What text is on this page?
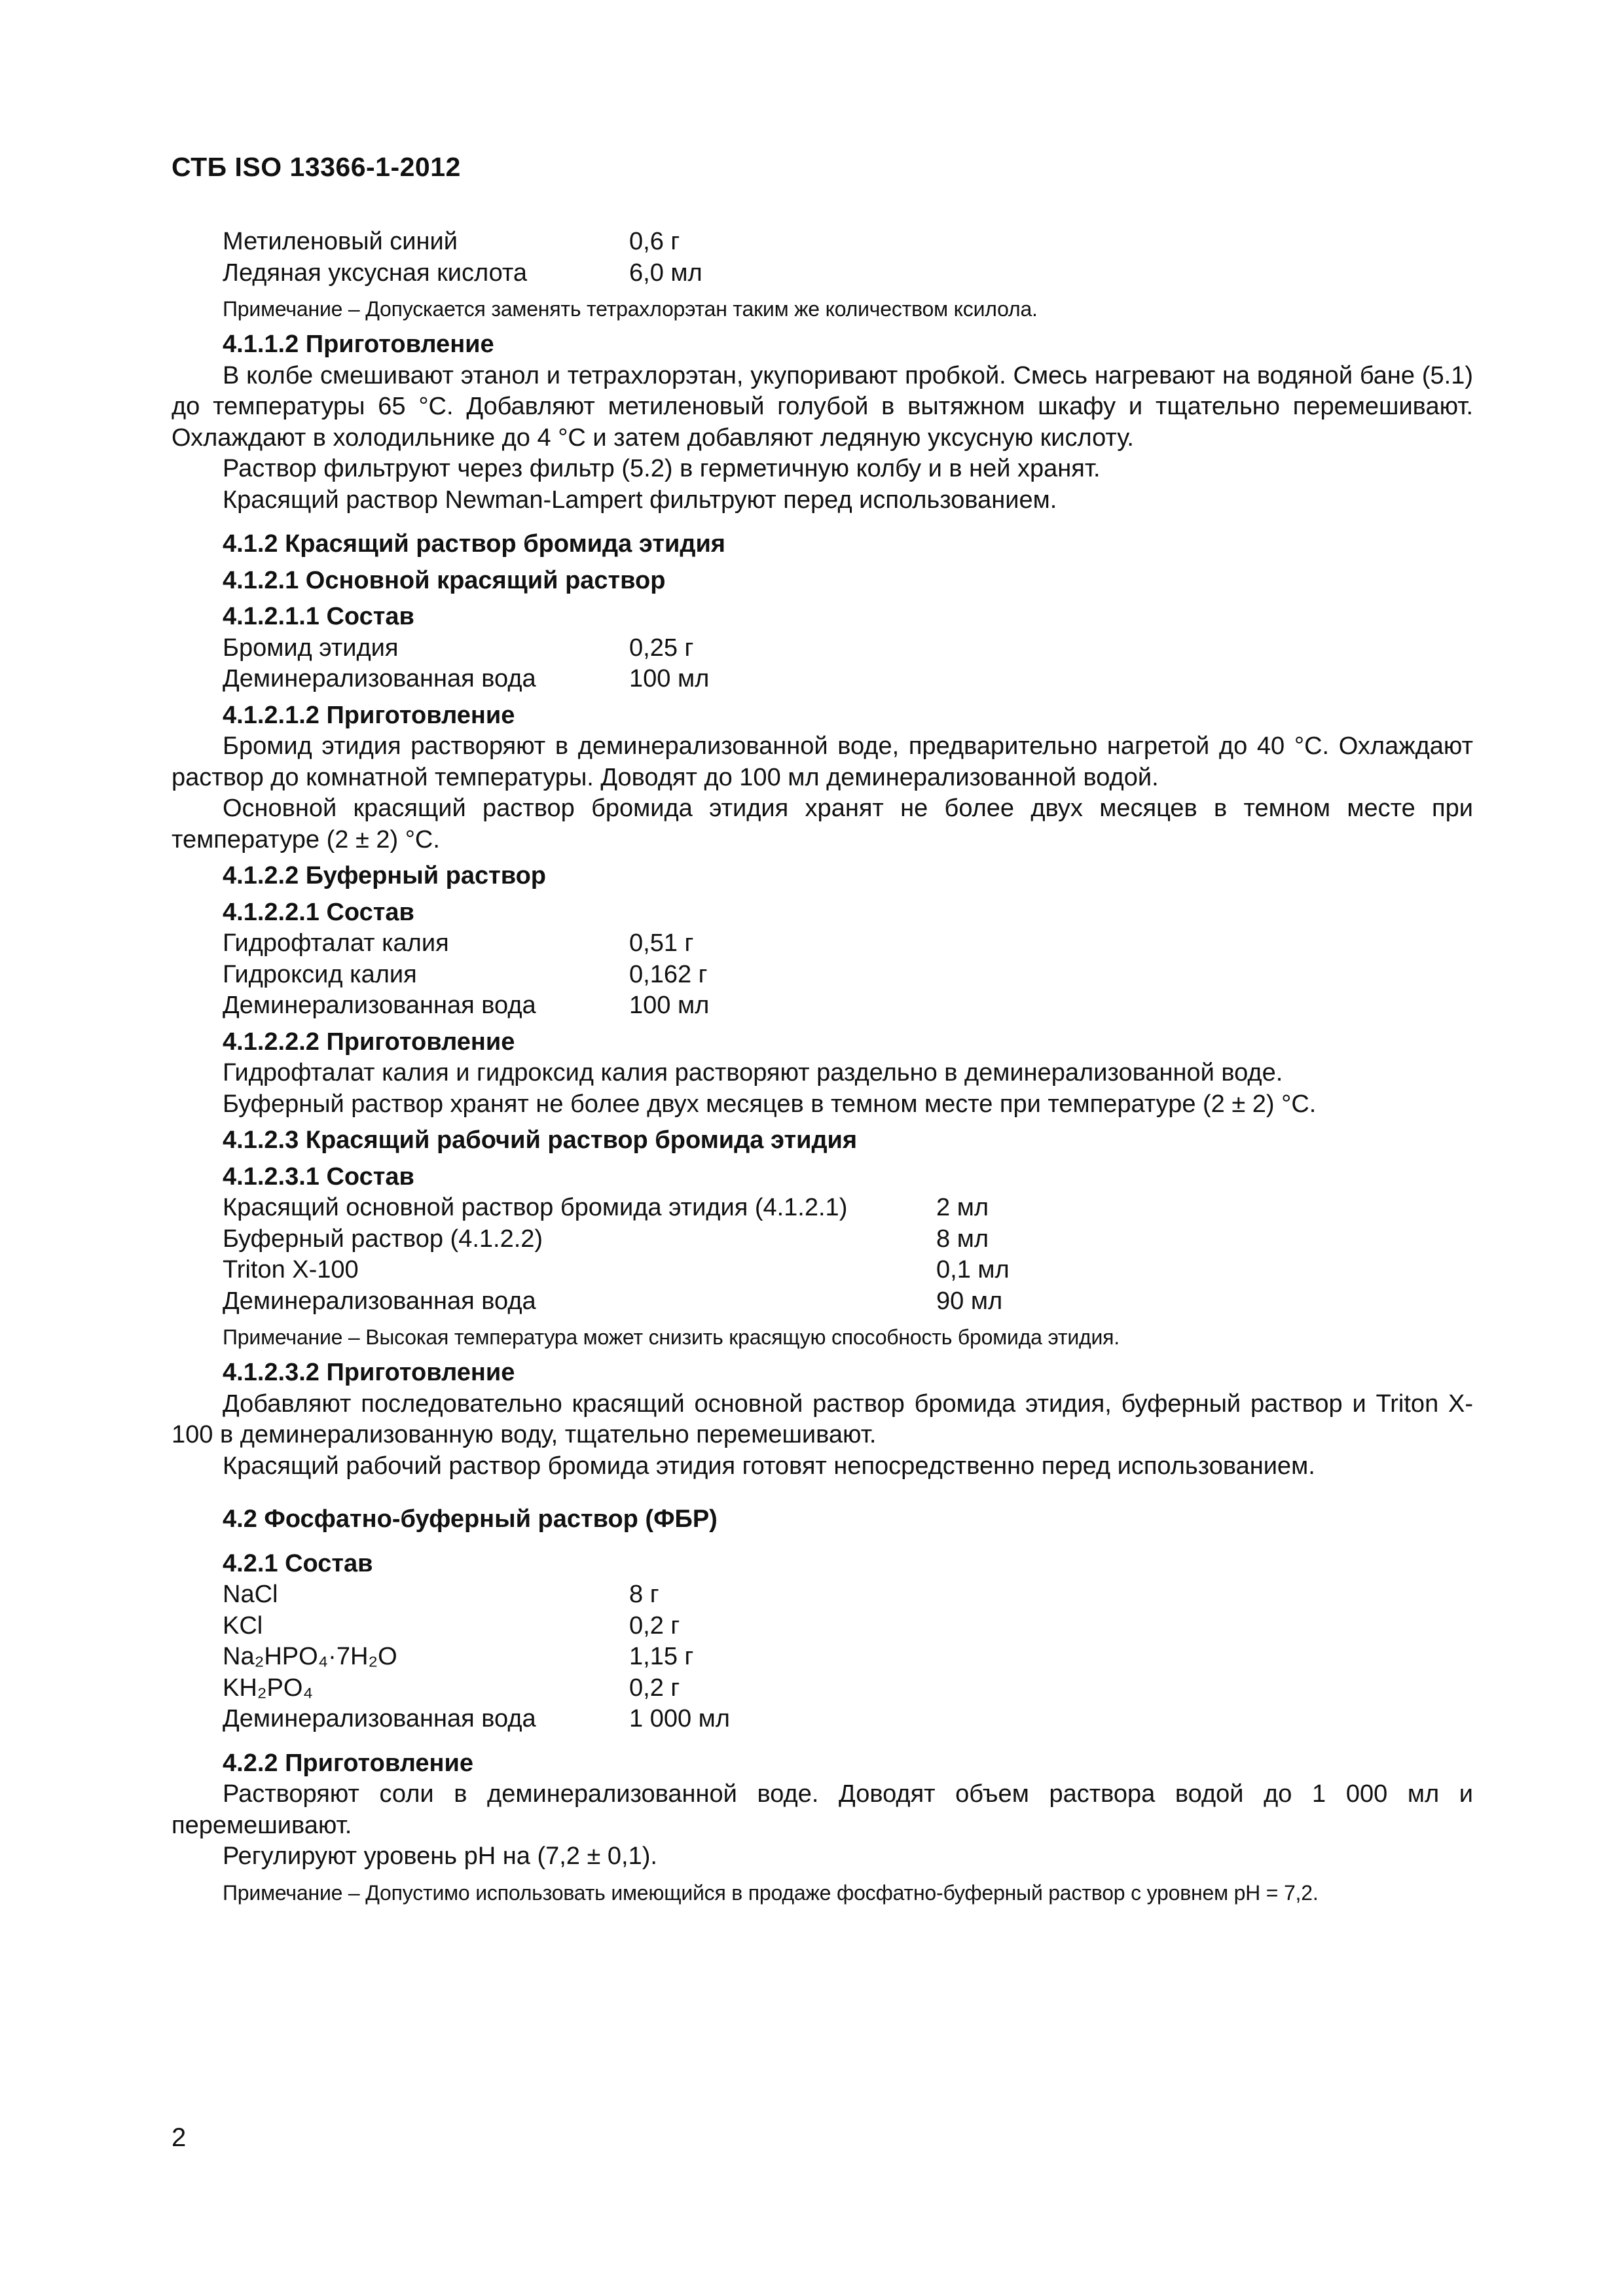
СТБ ISO 13366-1-2012
Метиленовый синий	0,6 г
Ледяная уксусная кислота	6,0 мл
Примечание – Допускается заменять тетрахлорэтан таким же количеством ксилола.
4.1.1.2 Приготовление
В колбе смешивают этанол и тетрахлорэтан, укупоривают пробкой. Смесь нагревают на водяной бане (5.1) до температуры 65 °С. Добавляют метиленовый голубой в вытяжном шкафу и тщательно перемешивают. Охлаждают в холодильнике до 4 °С и затем добавляют ледяную уксусную кислоту.
Раствор фильтруют через фильтр (5.2) в герметичную колбу и в ней хранят.
Красящий раствор Newman-Lampert фильтруют перед использованием.
4.1.2 Красящий раствор бромида этидия
4.1.2.1 Основной красящий раствор
4.1.2.1.1 Состав
Бромид этидия	0,25 г
Деминерализованная вода	100 мл
4.1.2.1.2 Приготовление
Бромид этидия растворяют в деминерализованной воде, предварительно нагретой до 40 °С. Охлаждают раствор до комнатной температуры. Доводят до 100 мл деминерализованной водой.
Основной красящий раствор бромида этидия хранят не более двух месяцев в темном месте при температуре (2 ± 2) °С.
4.1.2.2 Буферный раствор
4.1.2.2.1 Состав
Гидрофталат калия	0,51 г
Гидроксид калия	0,162 г
Деминерализованная вода	100 мл
4.1.2.2.2 Приготовление
Гидрофталат калия и гидроксид калия растворяют раздельно в деминерализованной воде.
Буферный раствор хранят не более двух месяцев в темном месте при температуре (2 ± 2) °С.
4.1.2.3 Красящий рабочий раствор бромида этидия
4.1.2.3.1 Состав
Красящий основной раствор бромида этидия (4.1.2.1)	2 мл
Буферный раствор (4.1.2.2)	8 мл
Triton X-100	0,1 мл
Деминерализованная вода	90 мл
Примечание – Высокая температура может снизить красящую способность бромида этидия.
4.1.2.3.2 Приготовление
Добавляют последовательно красящий основной раствор бромида этидия, буферный раствор и Triton X-100 в деминерализованную воду, тщательно перемешивают.
Красящий рабочий раствор бромида этидия готовят непосредственно перед использованием.
4.2 Фосфатно-буферный раствор (ФБР)
4.2.1 Состав
NaCl	8 г
KCl	0,2 г
Na₂HPO₄·7H₂O	1,15 г
KH₂PO₄	0,2 г
Деминерализованная вода	1 000 мл
4.2.2 Приготовление
Растворяют соли в деминерализованной воде. Доводят объем раствора водой до 1 000 мл и перемешивают.
Регулируют уровень pH на (7,2 ± 0,1).
Примечание – Допустимо использовать имеющийся в продаже фосфатно-буферный раствор с уровнем pH = 7,2.
2
